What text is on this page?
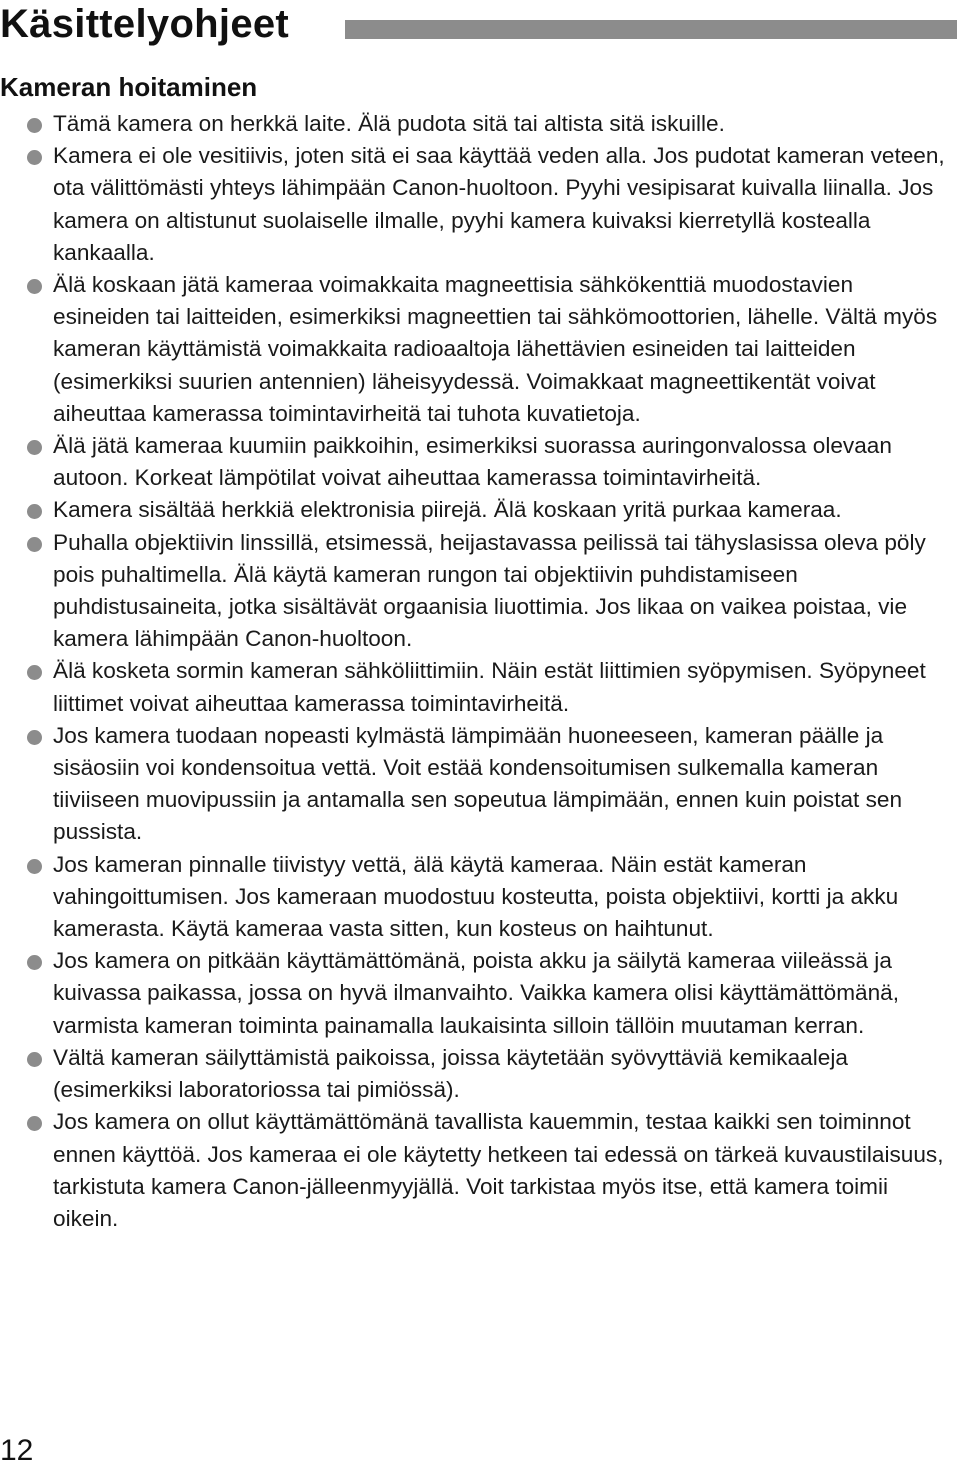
Käsittelyohjeet
Kameran hoitaminen
Tämä kamera on herkkä laite. Älä pudota sitä tai altista sitä iskuille.
Kamera ei ole vesitiivis, joten sitä ei saa käyttää veden alla. Jos pudotat kameran veteen, ota välittömästi yhteys lähimpään Canon-huoltoon. Pyyhi vesipisarat kuivalla liinalla. Jos kamera on altistunut suolaiselle ilmalle, pyyhi kamera kuivaksi kierretyllä kostealla kankaalla.
Älä koskaan jätä kameraa voimakkaita magneettisia sähkökenttiä muodostavien esineiden tai laitteiden, esimerkiksi magneettien tai sähkömoottorien, lähelle. Vältä myös kameran käyttämistä voimakkaita radioaaltoja lähettävien esineiden tai laitteiden (esimerkiksi suurien antennien) läheisyydessä. Voimakkaat magneettikentät voivat aiheuttaa kamerassa toimintavirheitä tai tuhota kuvatietoja.
Älä jätä kameraa kuumiin paikkoihin, esimerkiksi suorassa auringonvalossa olevaan autoon. Korkeat lämpötilat voivat aiheuttaa kamerassa toimintavirheitä.
Kamera sisältää herkkiä elektronisia piirejä. Älä koskaan yritä purkaa kameraa.
Puhalla objektiivin linssillä, etsimessä, heijastavassa peilissä tai tähyslasissa oleva pöly pois puhaltimella. Älä käytä kameran rungon tai objektiivin puhdistamiseen puhdistusaineita, jotka sisältävät orgaanisia liuottimia. Jos likaa on vaikea poistaa, vie kamera lähimpään Canon-huoltoon.
Älä kosketa sormin kameran sähköliittimiin. Näin estät liittimien syöpymisen. Syöpyneet liittimet voivat aiheuttaa kamerassa toimintavirheitä.
Jos kamera tuodaan nopeasti kylmästä lämpimään huoneeseen, kameran päälle ja sisäosiin voi kondensoitua vettä. Voit estää kondensoitumisen sulkemalla kameran tiiviiseen muovipussiin ja antamalla sen sopeutua lämpimään, ennen kuin poistat sen pussista.
Jos kameran pinnalle tiivistyy vettä, älä käytä kameraa. Näin estät kameran vahingoittumisen. Jos kameraan muodostuu kosteutta, poista objektiivi, kortti ja akku kamerasta. Käytä kameraa vasta sitten, kun kosteus on haihtunut.
Jos kamera on pitkään käyttämättömänä, poista akku ja säilytä kameraa viileässä ja kuivassa paikassa, jossa on hyvä ilmanvaihto. Vaikka kamera olisi käyttämättömänä, varmista kameran toiminta painamalla laukaisinta silloin tällöin muutaman kerran.
Vältä kameran säilyttämistä paikoissa, joissa käytetään syövyttäviä kemikaaleja (esimerkiksi laboratoriossa tai pimiössä).
Jos kamera on ollut käyttämättömänä tavallista kauemmin, testaa kaikki sen toiminnot ennen käyttöä. Jos kameraa ei ole käytetty hetkeen tai edessä on tärkeä kuvaustilaisuus, tarkistuta kamera Canon-jälleenmyyjällä. Voit tarkistaa myös itse, että kamera toimii oikein.
12
